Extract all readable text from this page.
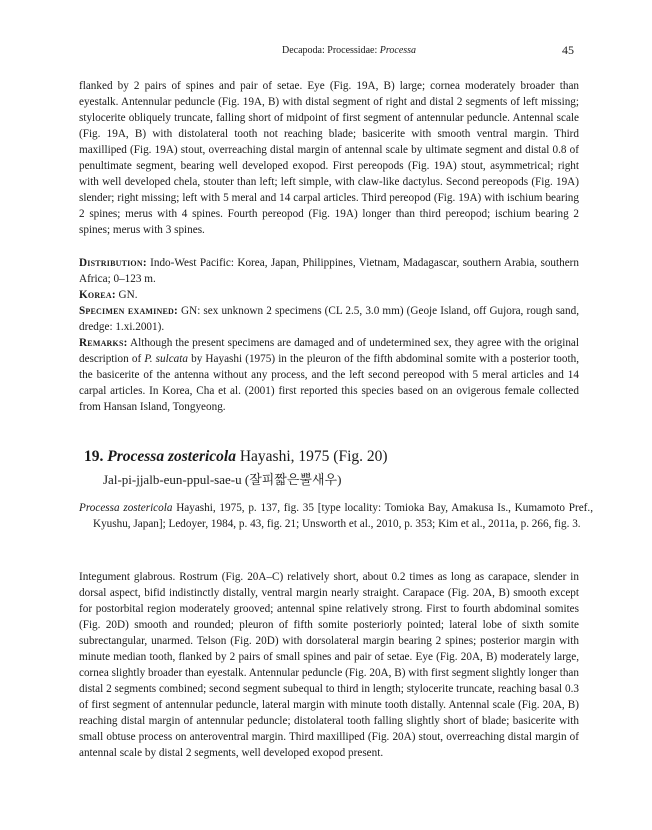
Decapoda: Processidae: Processa	45

flanked by 2 pairs of spines and pair of setae. Eye (Fig. 19A, B) large; cornea moderately broader than eyestalk. Antennular peduncle (Fig. 19A, B) with distal segment of right and distal 2 segments of left missing; stylocerite obliquely truncate, falling short of midpoint of first segment of antennular peduncle. Antennal scale (Fig. 19A, B) with distolateral tooth not reaching blade; basicerite with smooth ventral margin. Third maxilliped (Fig. 19A) stout, overreaching distal margin of antennal scale by ultimate segment and distal 0.8 of penultimate segment, bearing well developed exopod. First pereopods (Fig. 19A) stout, asymmetrical; right with well developed chela, stouter than left; left simple, with claw-like dactylus. Second pereopods (Fig. 19A) slender; right missing; left with 5 meral and 14 carpal articles. Third pereopod (Fig. 19A) with ischium bearing 2 spines; merus with 4 spines. Fourth pereopod (Fig. 19A) longer than third pereopod; ischium bearing 2 spines; merus with 3 spines.

Distribution: Indo-West Pacific: Korea, Japan, Philippines, Vietnam, Madagascar, southern Arabia, southern Africa; 0–123 m.

Korea: GN.

Specimen examined: GN: sex unknown 2 specimens (CL 2.5, 3.0 mm) (Geoje Island, off Gujora, rough sand, dredge: 1.xi.2001).

Remarks: Although the present specimens are damaged and of undetermined sex, they agree with the original description of P. sulcata by Hayashi (1975) in the pleuron of the fifth abdominal somite with a posterior tooth, the basicerite of the antenna without any process, and the left second pereopod with 5 meral articles and 14 carpal articles. In Korea, Cha et al. (2001) first reported this species based on an ovigerous female collected from Hansan Island, Tongyeong.

19. Processa zostericola Hayashi, 1975 (Fig. 20)
Jal-pi-jjalb-eun-ppul-sae-u (잘피짧은뿔새우)

Processa zostericola Hayashi, 1975, p. 137, fig. 35 [type locality: Tomioka Bay, Amakusa Is., Kumamoto Pref., Kyushu, Japan]; Ledoyer, 1984, p. 43, fig. 21; Unsworth et al., 2010, p. 353; Kim et al., 2011a, p. 266, fig. 3.

Integument glabrous. Rostrum (Fig. 20A–C) relatively short, about 0.2 times as long as carapace, slender in dorsal aspect, bifid indistinctly distally, ventral margin nearly straight. Carapace (Fig. 20A, B) smooth except for postorbital region moderately grooved; antennal spine relatively strong. First to fourth abdominal somites (Fig. 20D) smooth and rounded; pleuron of fifth somite posteriorly pointed; lateral lobe of sixth somite subrectangular, unarmed. Telson (Fig. 20D) with dorsolateral margin bearing 2 spines; posterior margin with minute median tooth, flanked by 2 pairs of small spines and pair of setae. Eye (Fig. 20A, B) moderately large, cornea slightly broader than eyestalk. Antennular peduncle (Fig. 20A, B) with first segment slightly longer than distal 2 segments combined; second segment subequal to third in length; stylocerite truncate, reaching basal 0.3 of first segment of antennular peduncle, lateral margin with minute tooth distally. Antennal scale (Fig. 20A, B) reaching distal margin of antennular peduncle; distolateral tooth falling slightly short of blade; basicerite with small obtuse process on anteroventral margin. Third maxilliped (Fig. 20A) stout, overreaching distal margin of antennal scale by distal 2 segments, well developed exopod present.
